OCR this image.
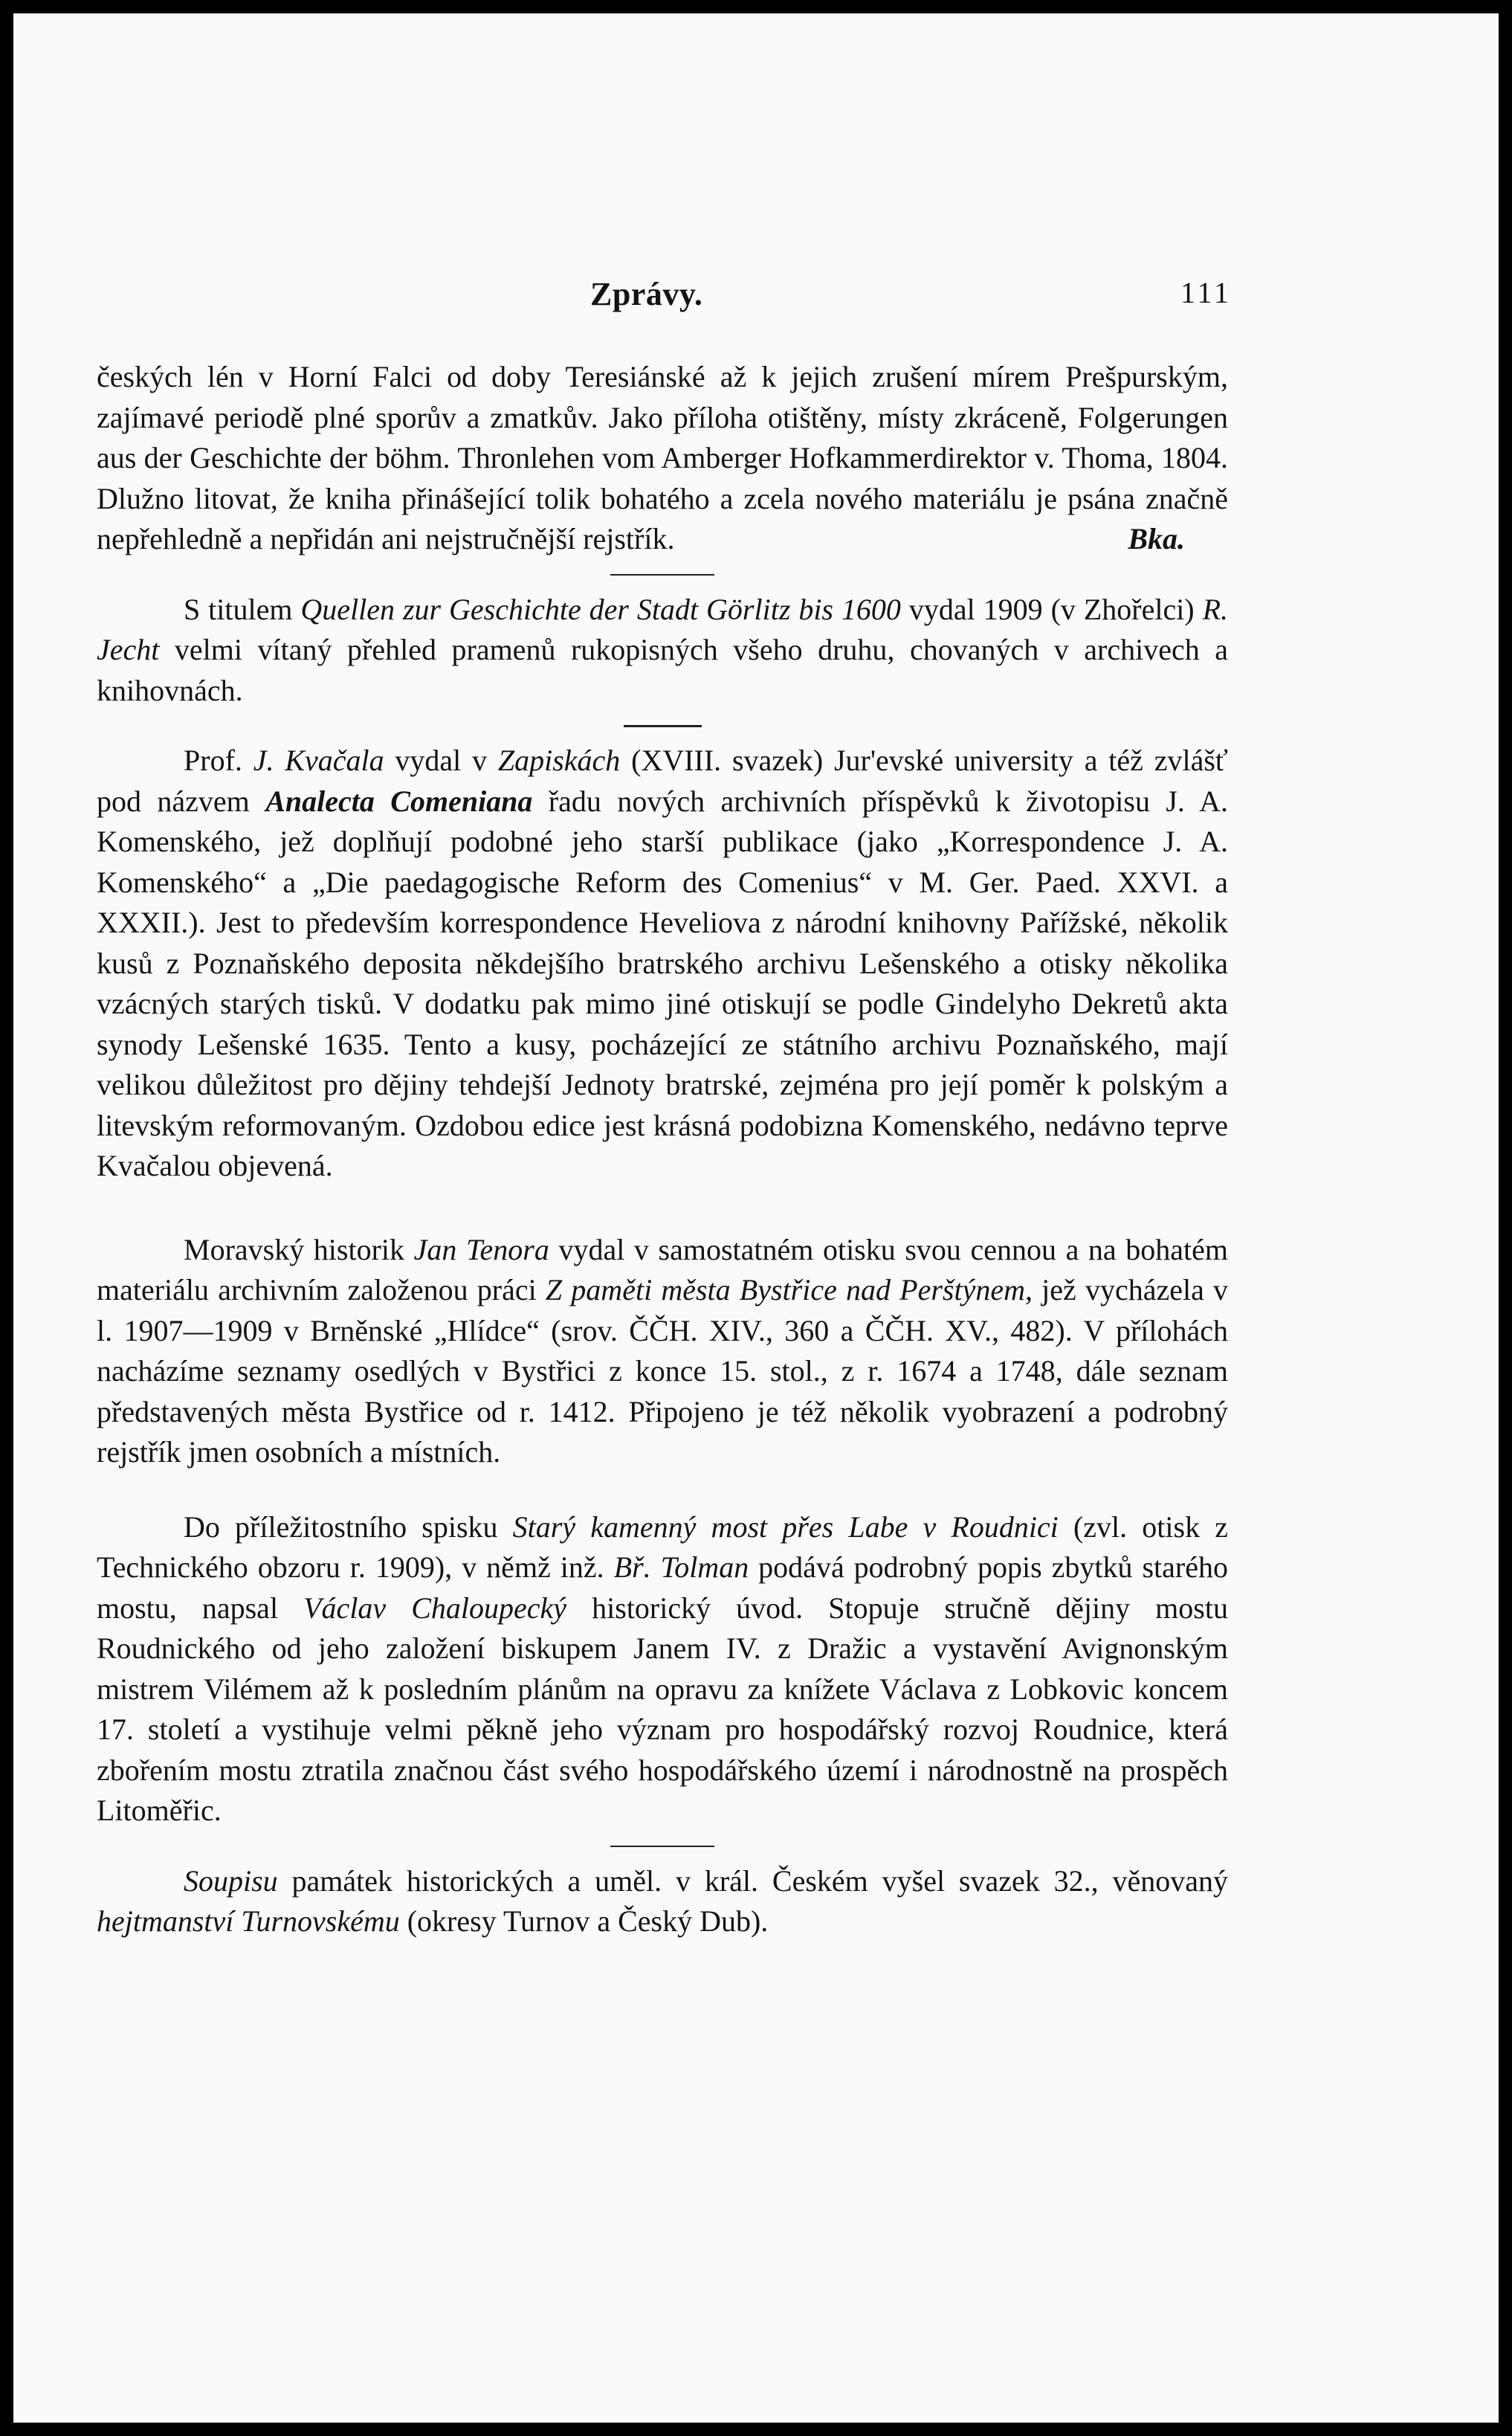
Zprávy.	111

českých lén v Horní Falci od doby Teresiánské až k jejich zrušení mírem Prešpurským, zajímavé periodě plné sporův a zmatkův. Jako příloha otištěny, místy zkráceně, Folgerungen aus der Geschichte der böhm. Thronlehen vom Amberger Hofkammerdirektor v. Thoma, 1804. Dlužno litovat, že kniha přinášející tolik bohatého a zcela nového materiálu je psána značně nepřehledně a nepřidán ani nejstručnější rejstřík.	Bka.

S titulem Quellen zur Geschichte der Stadt Görlitz bis 1600 vydal 1909 (v Zhořelci) R. Jecht velmi vítaný přehled pramenů rukopisných všeho druhu, chovaných v archivech a knihovnách.

Prof. J. Kvačala vydal v Zapiskách (XVIII. svazek) Jur'evské university a též zvlášť pod názvem Analecta Comeniana řadu nových archivních příspěvků k životopisu J. A. Komenského, jež doplňují podobné jeho starší publikace (jako „Korrespondence J. A. Komenského“ a „Die paedagogische Reform des Comenius“ v M. Ger. Paed. XXVI. a XXXII.). Jest to především korrespondence Heveliova z národní knihovny Pařížské, několik kusů z Poznaňského deposita někdejšího bratrského archivu Lešenského a otisky několika vzácných starých tisků. V dodatku pak mimo jiné otiskují se podle Gindelyho Dekretů akta synody Lešenské 1635. Tento a kusy, pocházející ze státního archivu Poznaňského, mají velikou důležitost pro dějiny tehdejší Jednoty bratrské, zejména pro její poměr k polským a litevským reformovaným. Ozdobou edice jest krásná podobizna Komenského, nedávno teprve Kvačalou objevená.

Moravský historik Jan Tenora vydal v samostatném otisku svou cennou a na bohatém materiálu archivním založenou práci Z paměti města Bystřice nad Perštýnem, jež vycházela v l. 1907—1909 v Brněnské „Hlídce“ (srov. ČČH. XIV., 360 a ČČH. XV., 482). V přílohách nacházíme seznamy osedlých v Bystřici z konce 15. stol., z r. 1674 a 1748, dále seznam představených města Bystřice od r. 1412. Připojeno je též několik vyobrazení a podrobný rejstřík jmen osobních a místních.

Do příležitostního spisku Starý kamenný most přes Labe v Roudnici (zvl. otisk z Technického obzoru r. 1909), v němž inž. Bř. Tolman podává podrobný popis zbytků starého mostu, napsal Václav Chaloupecký historický úvod. Stopuje stručně dějiny mostu Roudnického od jeho založení biskupem Janem IV. z Dražic a vystavění Avignonským mistrem Vilémem až k posledním plánům na opravu za knížete Václava z Lobkovic koncem 17. století a vystihuje velmi pěkně jeho význam pro hospodářský rozvoj Roudnice, která zbořením mostu ztratila značnou část svého hospodářského území i národnostně na prospěch Litoměřic.

Soupisu památek historických a uměl. v král. Českém vyšel svazek 32., věnovaný hejtmanství Turnovskému (okresy Turnov a Český Dub).
